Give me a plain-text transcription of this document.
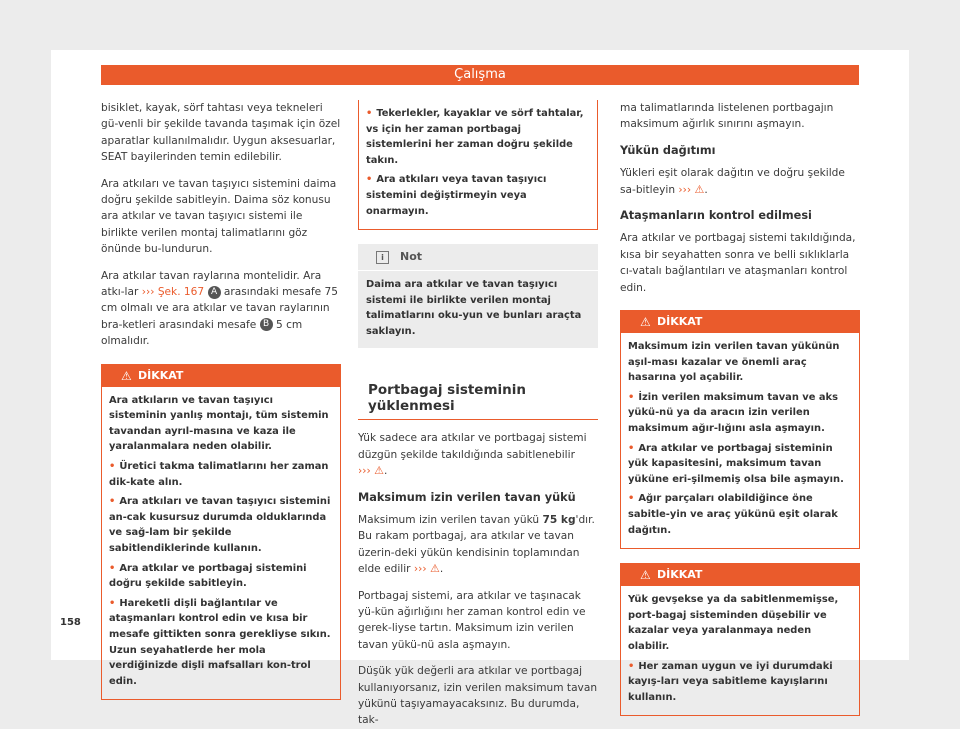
Çalışma

bisiklet, kayak, sörf tahtası veya tekneleri gü-venli bir şekilde tavanda taşımak için özel aparatlar kullanılmalıdır. Uygun aksesuarlar, SEAT bayilerinden temin edilebilir.

Ara atkıları ve tavan taşıyıcı sistemini daima doğru şekilde sabitleyin. Daima söz konusu ara atkılar ve tavan taşıyıcı sistemi ile birlikte verilen montaj talimatlarını göz önünde bu-lundurun.

Ara atkılar tavan raylarına montelidir. Ara atkı-lar ››› Şek. 167 A arasındaki mesafe 75 cm olmalı ve ara atkılar ve tavan raylarının bra-ketleri arasındaki mesafe B 5 cm olmalıdır.

⚠ DİKKAT
Ara atkıların ve tavan taşıyıcı sisteminin yanlış montajı, tüm sistemin tavandan ayrıl-masına ve kaza ile yaralanmalara neden olabilir.
• Üretici takma talimatlarını her zaman dik-kate alın.
• Ara atkıları ve tavan taşıyıcı sistemini an-cak kusursuz durumda olduklarında ve sağ-lam bir şekilde sabitlendiklerinde kullanın.
• Ara atkılar ve portbagaj sistemini doğru şekilde sabitleyin.
• Hareketli dişli bağlantılar ve ataşmanları kontrol edin ve kısa bir mesafe gittikten sonra gerekliyse sıkın. Uzun seyahatlerde her mola verdiğinizde dişli mafsalları kon-trol edin.
• Tekerlekler, kayaklar ve sörf tahtalar, vs için her zaman portbagaj sistemlerini her zaman doğru şekilde takın.
• Ara atkıları veya tavan taşıyıcı sistemini değiştirmeyin veya onarmayın.
i	Not
Daima ara atkılar ve tavan taşıyıcı sistemi ile birlikte verilen montaj talimatlarını oku-yun ve bunları araçta saklayın.
Portbagaj sisteminin yüklenmesi

Yük sadece ara atkılar ve portbagaj sistemi düzgün şekilde takıldığında sabitlenebilir
››› ⚠.

Maksimum izin verilen tavan yükü

Maksimum izin verilen tavan yükü 75 kg'dır. Bu rakam portbagaj, ara atkılar ve tavan üzerin-deki yükün kendisinin toplamından elde edilir ››› ⚠.

Portbagaj sistemi, ara atkılar ve taşınacak yü-kün ağırlığını her zaman kontrol edin ve gerek-liyse tartın. Maksimum izin verilen tavan yükü-nü asla aşmayın.

Düşük yük değerli ara atkılar ve portbagaj kullanıyorsanız, izin verilen maksimum tavan yükünü taşıyamayacaksınız. Bu durumda, tak-

ma talimatlarında listelenen portbagajın maksimum ağırlık sınırını aşmayın.

Yükün dağıtımı

Yükleri eşit olarak dağıtın ve doğru şekilde sa-bitleyin ››› ⚠.

Ataşmanların kontrol edilmesi

Ara atkılar ve portbagaj sistemi takıldığında, kısa bir seyahatten sonra ve belli sıklıklarla cı-vatalı bağlantıları ve ataşmanları kontrol edin.

⚠ DİKKAT
Maksimum izin verilen tavan yükünün aşıl-ması kazalar ve önemli araç hasarına yol açabilir.
• İzin verilen maksimum tavan ve aks yükü-nü ya da aracın izin verilen maksimum ağır-lığını asla aşmayın.
• Ara atkılar ve portbagaj sisteminin yük kapasitesini, maksimum tavan yüküne eri-şilmemiş olsa bile aşmayın.
• Ağır parçaları olabildiğince öne sabitle-yin ve araç yükünü eşit olarak dağıtın.
⚠ DİKKAT
Yük gevşekse ya da sabitlenmemişse, port-bagaj sisteminden düşebilir ve kazalar veya yaralanmaya neden olabilir.
• Her zaman uygun ve iyi durumdaki kayış-ları veya sabitleme kayışlarını kullanın.
158
